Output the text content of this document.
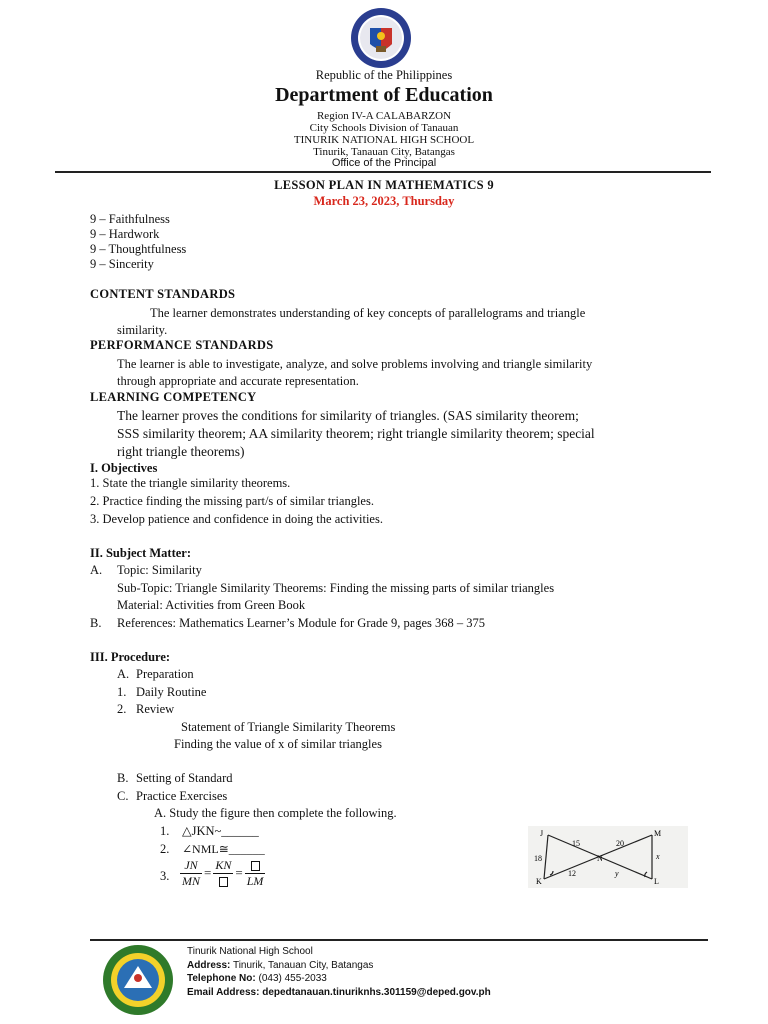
Republic of the Philippines
Department of Education
Region IV-A CALABARZON
City Schools Division of Tanauan
TINURIK NATIONAL HIGH SCHOOL
Tinurik, Tanauan City, Batangas
Office of the Principal
LESSON PLAN IN MATHEMATICS 9
March 23, 2023, Thursday
9 – Faithfulness
9 – Hardwork
9 – Thoughtfulness
9 – Sincerity
CONTENT STANDARDS
The learner demonstrates understanding of key concepts of parallelograms and triangle
similarity.
PERFORMANCE STANDARDS
The learner is able to investigate, analyze, and solve problems involving and triangle similarity
through appropriate and accurate representation.
LEARNING COMPETENCY
The learner proves the conditions for similarity of triangles. (SAS similarity theorem;
SSS similarity theorem; AA similarity theorem; right triangle similarity theorem; special
right triangle theorems)
I. Objectives
1. State the triangle similarity theorems.
2. Practice finding the missing part/s of similar triangles.
3. Develop patience and confidence in doing the activities.
II. Subject Matter:
A. Topic: Similarity
Sub-Topic: Triangle Similarity Theorems: Finding the missing parts of similar triangles
Material: Activities from Green Book
B. References: Mathematics Learner’s Module for Grade 9, pages 368 – 375
III. Procedure:
A. Preparation
1. Daily Routine
2. Review
Statement of Triangle Similarity Theorems
Finding the value of x of similar triangles
B. Setting of Standard
C. Practice Exercises
A. Study the figure then complete the following.
1. △JKN~______
2. ∠NML≅______
3. $\frac{JN}{MN}$ =
KN
=
LM
J
K
M
L
N
18
15	20
12
x
y
Tinurik National High School
Address: Tinurik, Tanauan City, Batangas
Telephone No: (043) 455-2033
Email Address: depedtanauan.tinuriknhs.301159@deped.gov.ph
